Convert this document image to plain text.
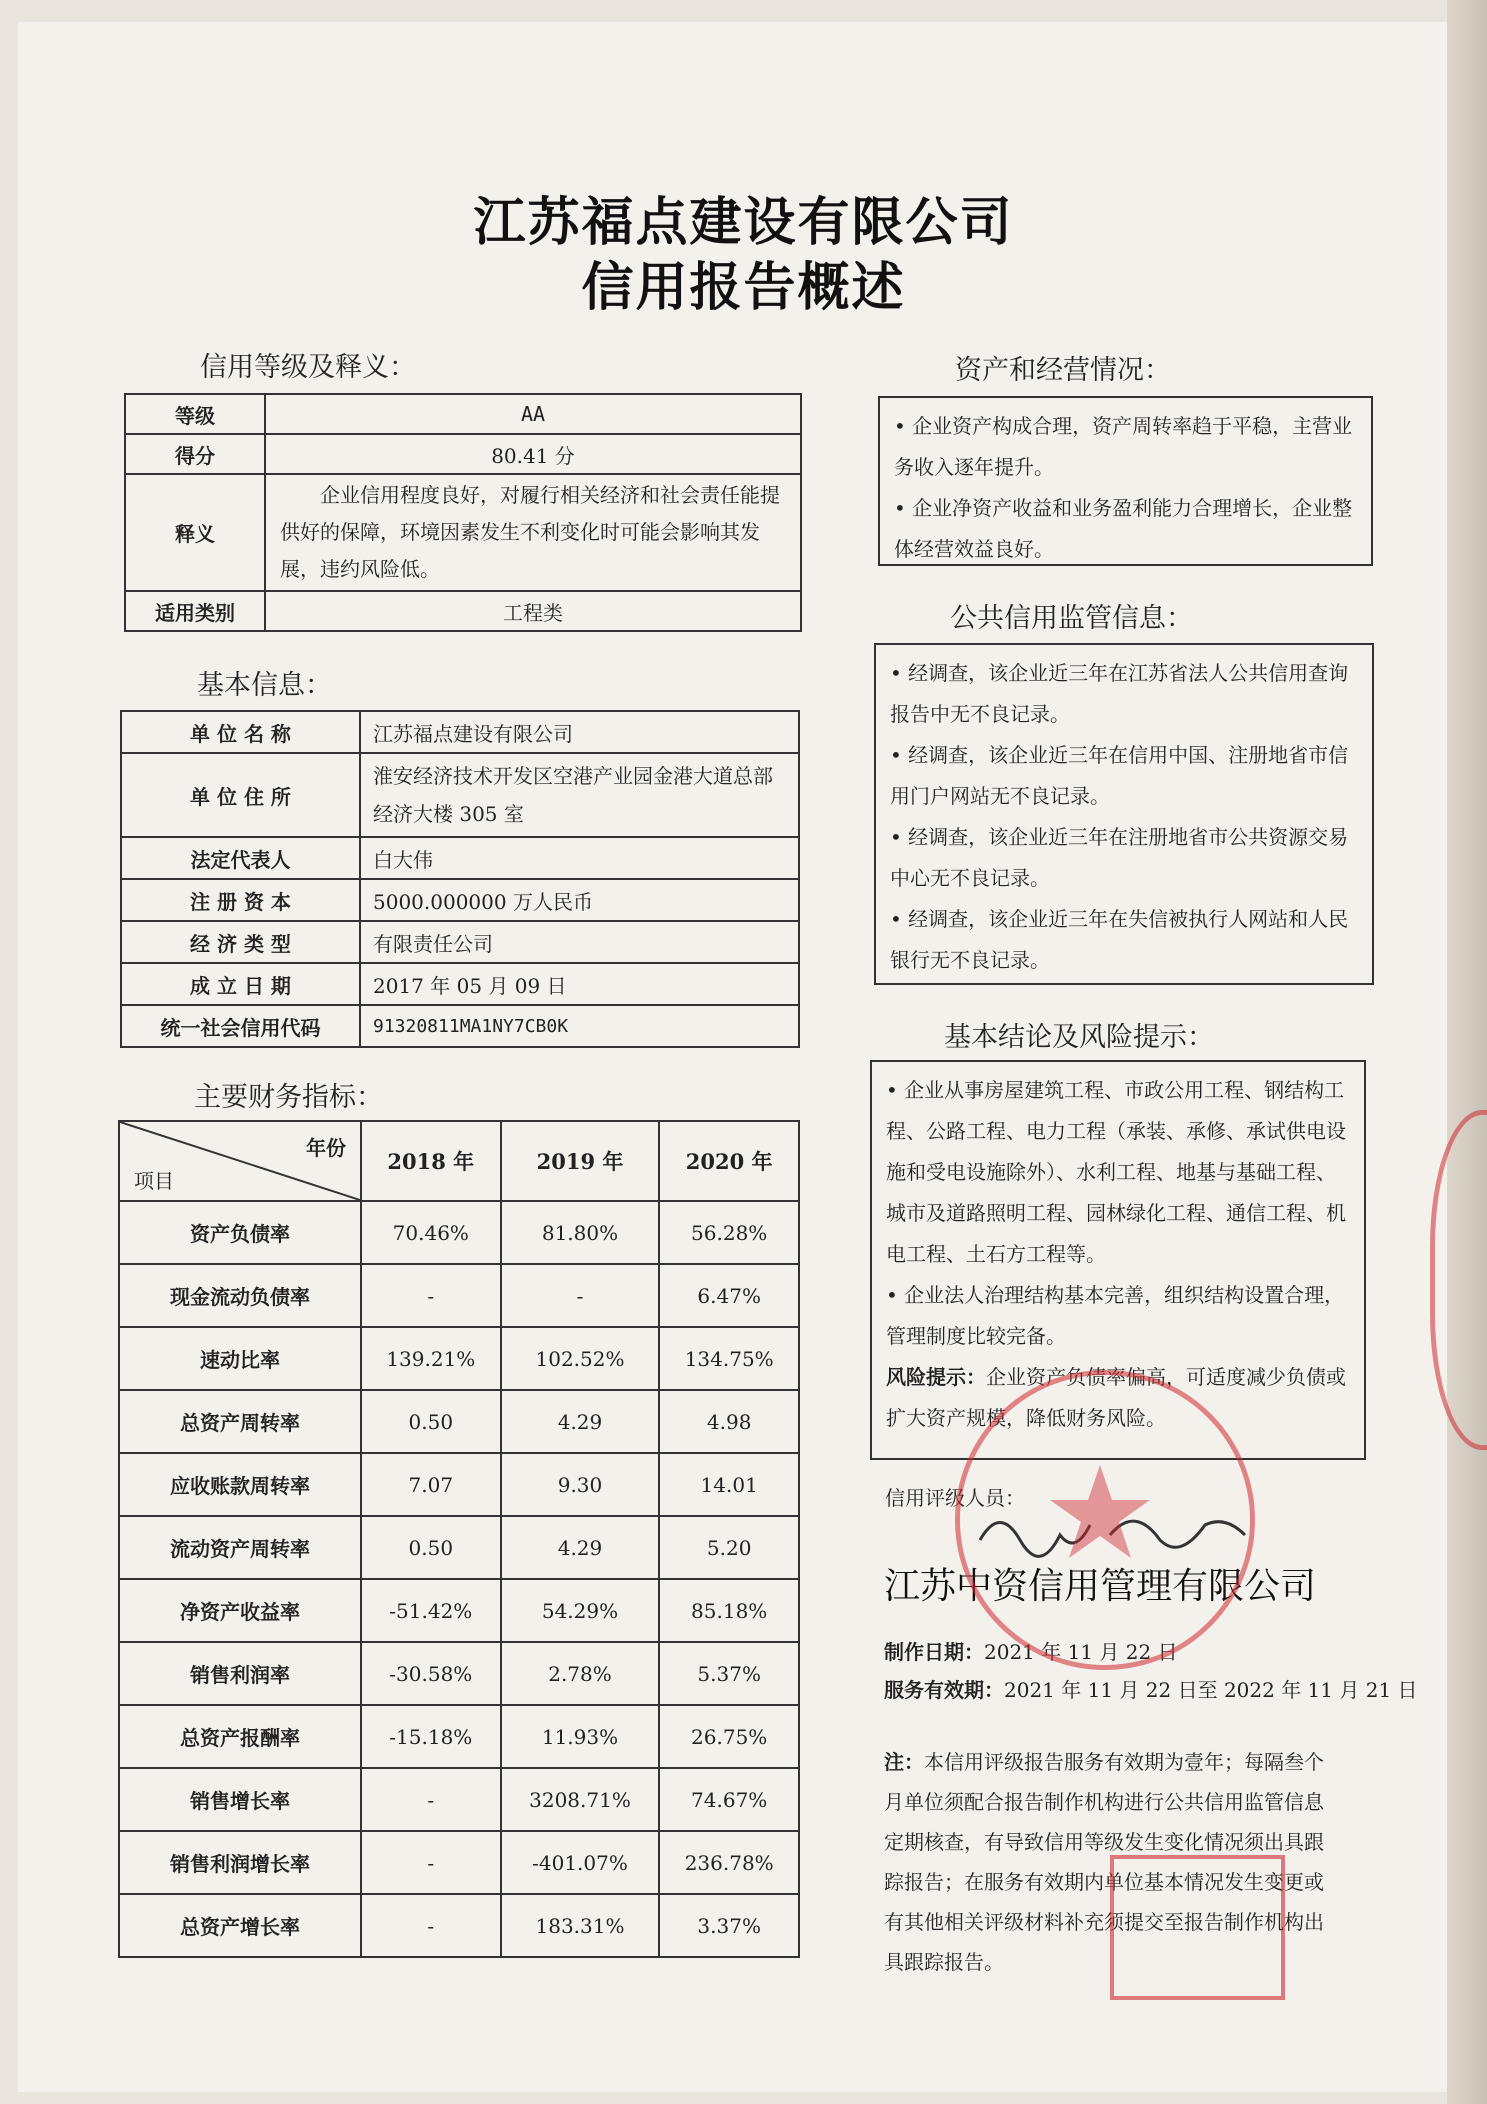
江苏福点建设有限公司
信用报告概述
信用等级及释义：
等级	AA
得分	80.41 分
释义	企业信用程度良好，对履行相关经济和社会责任能提供好的保障，环境因素发生不利变化时可能会影响其发展，违约风险低。
适用类别	工程类
基本信息：
单 位 名 称	江苏福点建设有限公司
单 位 住 所	淮安经济技术开发区空港产业园金港大道总部经济大楼 305 室
法定代表人	白大伟
注 册 资 本	5000.000000 万人民币
经 济 类 型	有限责任公司
成 立 日 期	2017 年 05 月 09 日
统一社会信用代码	91320811MA1NY7CB0K
主要财务指标：
年份
项目	2018 年	2019 年	2020 年
资产负债率	70.46%	81.80%	56.28%
现金流动负债率	-	-	6.47%
速动比率	139.21%	102.52%	134.75%
总资产周转率	0.50	4.29	4.98
应收账款周转率	7.07	9.30	14.01
流动资产周转率	0.50	4.29	5.20
净资产收益率	-51.42%	54.29%	85.18%
销售利润率	-30.58%	2.78%	5.37%
总资产报酬率	-15.18%	11.93%	26.75%
销售增长率	-	3208.71%	74.67%
销售利润增长率	-	-401.07%	236.78%
总资产增长率	-	183.31%	3.37%
资产和经营情况：

• 企业资产构成合理，资产周转率趋于平稳，主营业务收入逐年提升。

• 企业净资产收益和业务盈利能力合理增长，企业整体经营效益良好。

公共信用监管信息：

• 经调查，该企业近三年在江苏省法人公共信用查询报告中无不良记录。

• 经调查，该企业近三年在信用中国、注册地省市信用门户网站无不良记录。

• 经调查，该企业近三年在注册地省市公共资源交易中心无不良记录。

• 经调查，该企业近三年在失信被执行人网站和人民银行无不良记录。

基本结论及风险提示：

• 企业从事房屋建筑工程、市政公用工程、钢结构工程、公路工程、电力工程（承装、承修、承试供电设施和受电设施除外）、水利工程、地基与基础工程、城市及道路照明工程、园林绿化工程、通信工程、机电工程、土石方工程等。

• 企业法人治理结构基本完善，组织结构设置合理，管理制度比较完备。

风险提示：企业资产负债率偏高，可适度减少负债或扩大资产规模，降低财务风险。

信用评级人员：
江苏中资信用管理有限公司
制作日期：2021 年 11 月 22 日
服务有效期：2021 年 11 月 22 日至 2022 年 11 月 21 日
注：本信用评级报告服务有效期为壹年；每隔叁个月单位须配合报告制作机构进行公共信用监管信息定期核查，有导致信用等级发生变化情况须出具跟踪报告；在服务有效期内单位基本情况发生变更或有其他相关评级材料补充须提交至报告制作机构出具跟踪报告。
